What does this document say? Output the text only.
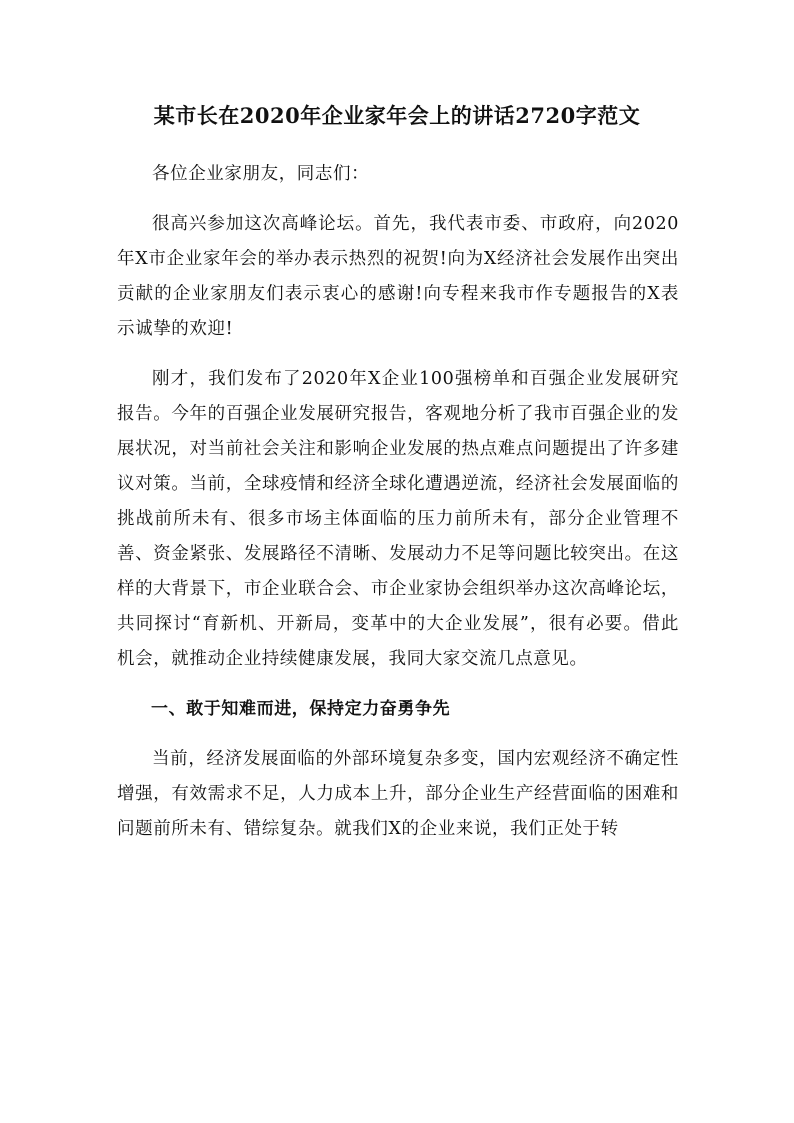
某市长在2020年企业家年会上的讲话2720字范文

各位企业家朋友，同志们：

很高兴参加这次高峰论坛。首先，我代表市委、市政府，向2020年X市企业家年会的举办表示热烈的祝贺!向为X经济社会发展作出突出贡献的企业家朋友们表示衷心的感谢!向专程来我市作专题报告的X表示诚挚的欢迎!

刚才，我们发布了2020年X企业100强榜单和百强企业发展研究报告。今年的百强企业发展研究报告，客观地分析了我市百强企业的发展状况，对当前社会关注和影响企业发展的热点难点问题提出了许多建议对策。当前，全球疫情和经济全球化遭遇逆流，经济社会发展面临的挑战前所未有、很多市场主体面临的压力前所未有，部分企业管理不善、资金紧张、发展路径不清晰、发展动力不足等问题比较突出。在这样的大背景下，市企业联合会、市企业家协会组织举办这次高峰论坛，共同探讨“育新机、开新局，变革中的大企业发展”，很有必要。借此机会，就推动企业持续健康发展，我同大家交流几点意见。

一、敢于知难而进，保持定力奋勇争先

当前，经济发展面临的外部环境复杂多变，国内宏观经济不确定性增强，有效需求不足，人力成本上升，部分企业生产经营面临的困难和问题前所未有、错综复杂。就我们X的企业来说，我们正处于转
